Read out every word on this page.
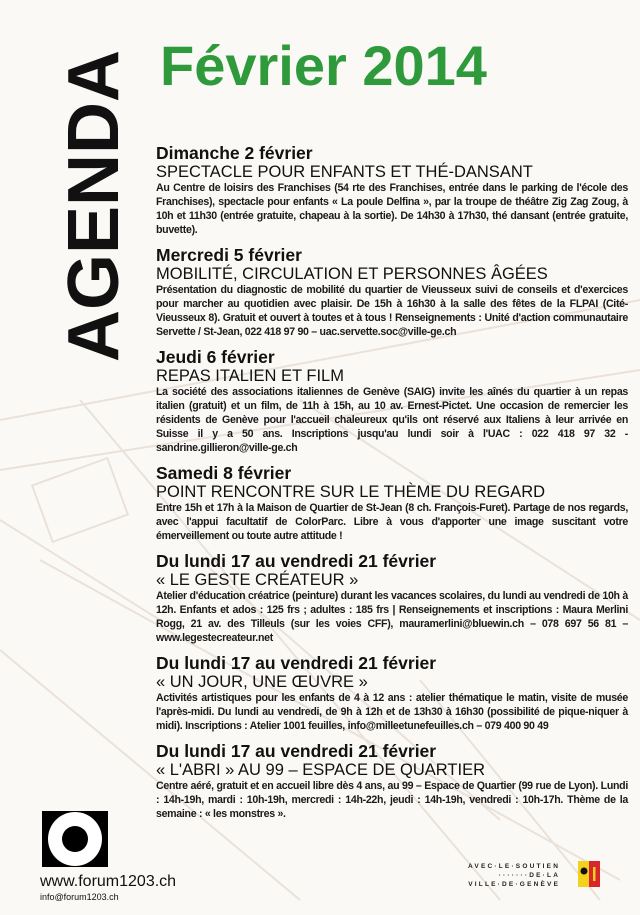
AGENDA Février 2014
Dimanche 2 février
SPECTACLE POUR ENFANTS ET THÉ-DANSANT
Au Centre de loisirs des Franchises (54 rte des Franchises, entrée dans le parking de l'école des Franchises), spectacle pour enfants « La poule Delfina », par la troupe de théâtre Zig Zag Zoug, à 10h et 11h30 (entrée gratuite, chapeau à la sortie). De 14h30 à 17h30, thé dansant (entrée gratuite, buvette).
Mercredi 5 février
MOBILITÉ, CIRCULATION ET PERSONNES ÂGÉES
Présentation du diagnostic de mobilité du quartier de Vieusseux suivi de conseils et d'exercices pour marcher au quotidien avec plaisir. De 15h à 16h30 à la salle des fêtes de la FLPAI (Cité-Vieusseux 8). Gratuit et ouvert à toutes et à tous ! Renseignements : Unité d'action communautaire Servette / St-Jean, 022 418 97 90 – uac.servette.soc@ville-ge.ch
Jeudi 6 février
REPAS ITALIEN ET FILM
La société des associations italiennes de Genève (SAIG) invite les aînés du quartier à un repas italien (gratuit) et un film, de 11h à 15h, au 10 av. Ernest-Pictet. Une occasion de remercier les résidents de Genève pour l'accueil chaleureux qu'ils ont réservé aux Italiens à leur arrivée en Suisse il y a 50 ans. Inscriptions jusqu'au lundi soir à l'UAC : 022 418 97 32 - sandrine.gillieron@ville-ge.ch
Samedi 8 février
POINT RENCONTRE SUR LE THÈME DU REGARD
Entre 15h et 17h à la Maison de Quartier de St-Jean (8 ch. François-Furet). Partage de nos regards, avec l'appui facultatif de ColorParc. Libre à vous d'apporter une image suscitant votre émerveillement ou toute autre attitude !
Du lundi 17 au vendredi 21 février
« LE GESTE CRÉATEUR »
Atelier d'éducation créatrice (peinture) durant les vacances scolaires, du lundi au vendredi de 10h à 12h. Enfants et ados : 125 frs ; adultes : 185 frs | Renseignements et inscriptions : Maura Merlini Rogg, 21 av. des Tilleuls (sur les voies CFF), mauramerlini@bluewin.ch – 078 697 56 81 – www.legestecreateur.net
Du lundi 17 au vendredi 21 février
« UN JOUR, UNE ŒUVRE »
Activités artistiques pour les enfants de 4 à 12 ans : atelier thématique le matin, visite de musée l'après-midi. Du lundi au vendredi, de 9h à 12h et de 13h30 à 16h30 (possibilité de pique-niquer à midi). Inscriptions : Atelier 1001 feuilles, info@milleetunefeuilles.ch – 079 400 90 49
Du lundi 17 au vendredi 21 février
« L'ABRI » AU 99 – ESPACE DE QUARTIER
Centre aéré, gratuit et en accueil libre dès 4 ans, au 99 – Espace de Quartier (99 rue de Lyon). Lundi : 14h-19h, mardi : 10h-19h, mercredi : 14h-22h, jeudi : 14h-19h, vendredi : 10h-17h. Thème de la semaine : « les monstres ».
www.forum1203.ch
info@forum1203.ch
AVEC·LE·SOUTIEN
·······DE·LA
VILLE·DE·GENÈVE
